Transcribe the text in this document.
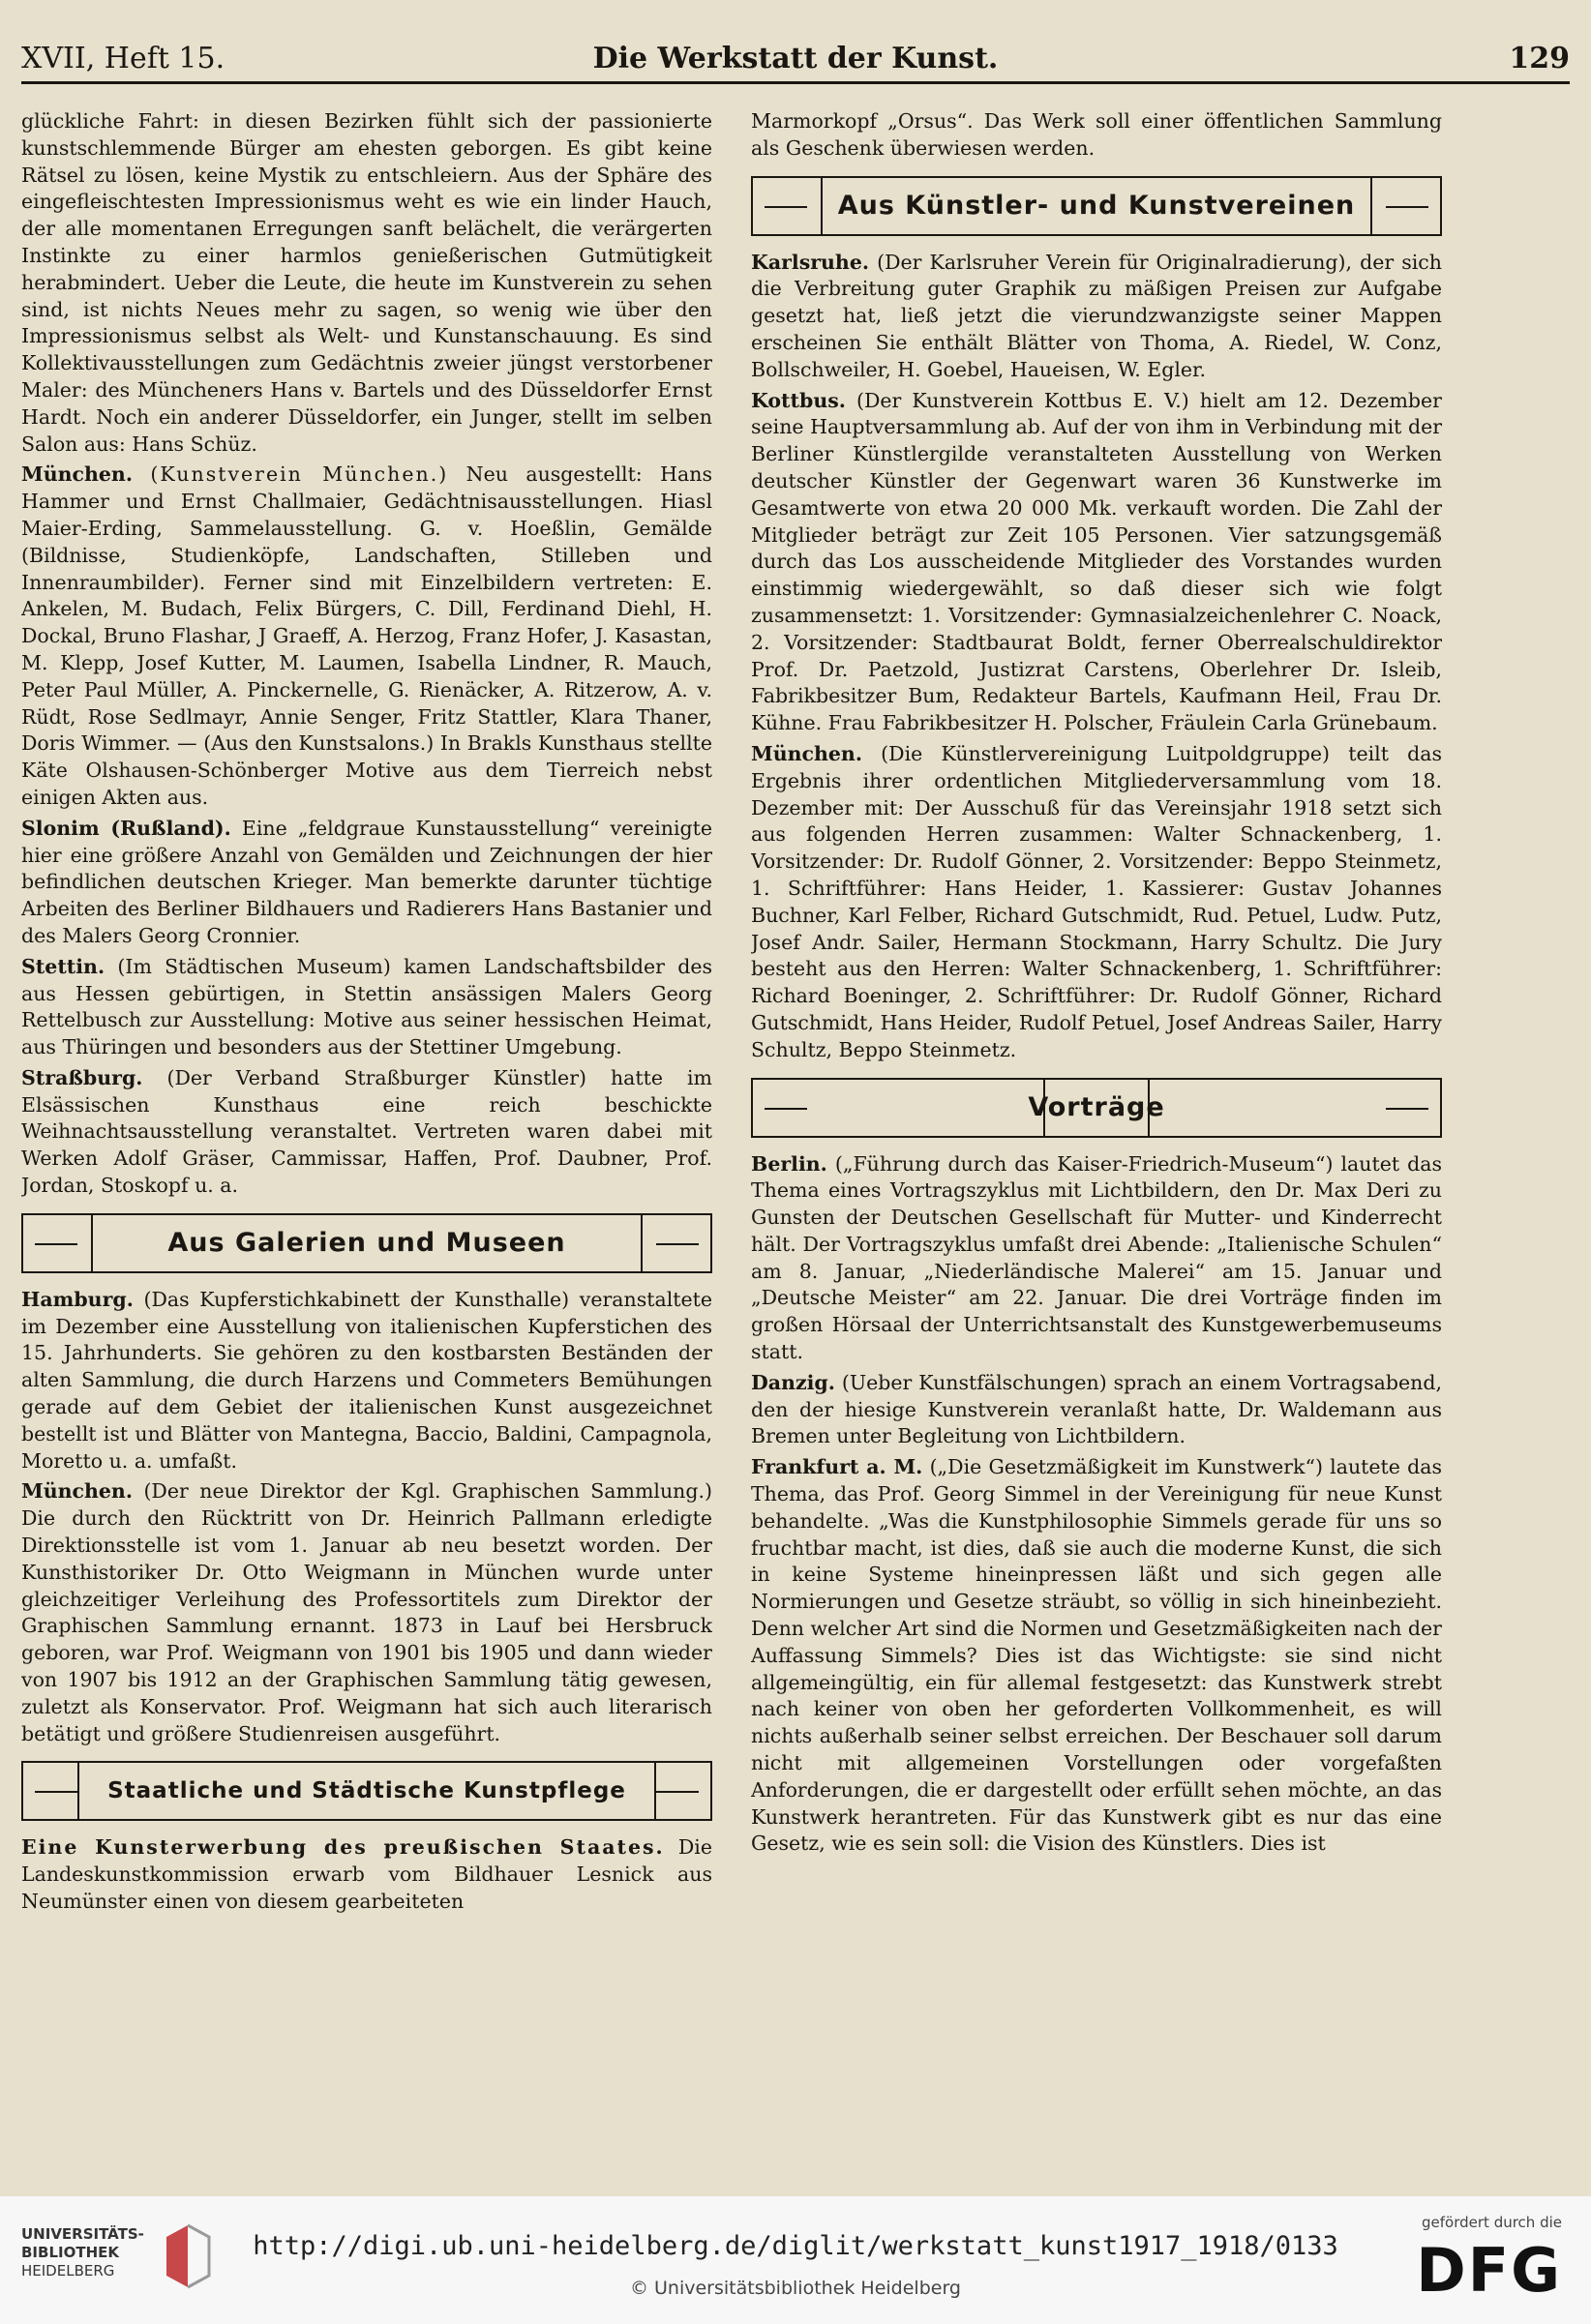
XVII, Heft 15.	Die Werkstatt der Kunst.	129

glückliche Fahrt: in diesen Bezirken fühlt sich der passionierte kunstschlemmende Bürger am ehesten geborgen. Es gibt keine Rätsel zu lösen, keine Mystik zu entschleiern. Aus der Sphäre des eingefleischtesten Impressionismus weht es wie ein linder Hauch, der alle momentanen Erregungen sanft belächelt, die verärgerten Instinkte zu einer harmlos genießerischen Gutmütigkeit herabmindert. Ueber die Leute, die heute im Kunstverein zu sehen sind, ist nichts Neues mehr zu sagen, so wenig wie über den Impressionismus selbst als Welt- und Kunstanschauung. Es sind Kollektivausstellungen zum Gedächtnis zweier jüngst verstorbener Maler: des Müncheners Hans v. Bartels und des Düsseldorfer Ernst Hardt. Noch ein anderer Düsseldorfer, ein Junger, stellt im selben Salon aus: Hans Schüz.

München. (Kunstverein München.) Neu ausgestellt: Hans Hammer und Ernst Challmaier, Gedächtnisausstellungen. Hiasl Maier-Erding, Sammelausstellung. G. v. Hoeßlin, Gemälde (Bildnisse, Studienköpfe, Landschaften, Stilleben und Innenraumbilder). Ferner sind mit Einzelbildern vertreten: E. Ankelen, M. Budach, Felix Bürgers, C. Dill, Ferdinand Diehl, H. Dockal, Bruno Flashar, J Graeff, A. Herzog, Franz Hofer, J. Kasastan, M. Klepp, Josef Kutter, M. Laumen, Isabella Lindner, R. Mauch, Peter Paul Müller, A. Pinckernelle, G. Rienäcker, A. Ritzerow, A. v. Rüdt, Rose Sedlmayr, Annie Senger, Fritz Stattler, Klara Thaner, Doris Wimmer. — (Aus den Kunstsalons.) In Brakls Kunsthaus stellte Käte Olshausen-Schönberger Motive aus dem Tierreich nebst einigen Akten aus.

Slonim (Rußland). Eine „feldgraue Kunstausstellung“ vereinigte hier eine größere Anzahl von Gemälden und Zeichnungen der hier befindlichen deutschen Krieger. Man bemerkte darunter tüchtige Arbeiten des Berliner Bildhauers und Radierers Hans Bastanier und des Malers Georg Cronnier.

Stettin. (Im Städtischen Museum) kamen Landschaftsbilder des aus Hessen gebürtigen, in Stettin ansässigen Malers Georg Rettelbusch zur Ausstellung: Motive aus seiner hessischen Heimat, aus Thüringen und besonders aus der Stettiner Umgebung.

Straßburg. (Der Verband Straßburger Künstler) hatte im Elsässischen Kunsthaus eine reich beschickte Weihnachtsausstellung veranstaltet. Vertreten waren dabei mit Werken Adolf Gräser, Cammissar, Haffen, Prof. Daubner, Prof. Jordan, Stoskopf u. a.

Aus Galerien und Museen

Hamburg. (Das Kupferstichkabinett der Kunsthalle) veranstaltete im Dezember eine Ausstellung von italienischen Kupferstichen des 15. Jahrhunderts. Sie gehören zu den kostbarsten Beständen der alten Sammlung, die durch Harzens und Commeters Bemühungen gerade auf dem Gebiet der italienischen Kunst ausgezeichnet bestellt ist und Blätter von Mantegna, Baccio, Baldini, Campagnola, Moretto u. a. umfaßt.

München. (Der neue Direktor der Kgl. Graphischen Sammlung.) Die durch den Rücktritt von Dr. Heinrich Pallmann erledigte Direktionsstelle ist vom 1. Januar ab neu besetzt worden. Der Kunsthistoriker Dr. Otto Weigmann in München wurde unter gleichzeitiger Verleihung des Professortitels zum Direktor der Graphischen Sammlung ernannt. 1873 in Lauf bei Hersbruck geboren, war Prof. Weigmann von 1901 bis 1905 und dann wieder von 1907 bis 1912 an der Graphischen Sammlung tätig gewesen, zuletzt als Konservator. Prof. Weigmann hat sich auch literarisch betätigt und größere Studienreisen ausgeführt.

Staatliche und Städtische Kunstpflege

Eine Kunsterwerbung des preußischen Staates. Die Landeskunstkommission erwarb vom Bildhauer Lesnick aus Neumünster einen von diesem gearbeiteten

Marmorkopf „Orsus“. Das Werk soll einer öffentlichen Sammlung als Geschenk überwiesen werden.

Aus Künstler- und Kunstvereinen

Karlsruhe. (Der Karlsruher Verein für Originalradierung), der sich die Verbreitung guter Graphik zu mäßigen Preisen zur Aufgabe gesetzt hat, ließ jetzt die vierundzwanzigste seiner Mappen erscheinen Sie enthält Blätter von Thoma, A. Riedel, W. Conz, Bollschweiler, H. Goebel, Haueisen, W. Egler.

Kottbus. (Der Kunstverein Kottbus E. V.) hielt am 12. Dezember seine Hauptversammlung ab. Auf der von ihm in Verbindung mit der Berliner Künstlergilde veranstalteten Ausstellung von Werken deutscher Künstler der Gegenwart waren 36 Kunstwerke im Gesamtwerte von etwa 20 000 Mk. verkauft worden. Die Zahl der Mitglieder beträgt zur Zeit 105 Personen. Vier satzungsgemäß durch das Los ausscheidende Mitglieder des Vorstandes wurden einstimmig wiedergewählt, so daß dieser sich wie folgt zusammensetzt: 1. Vorsitzender: Gymnasialzeichenlehrer C. Noack, 2. Vorsitzender: Stadtbaurat Boldt, ferner Oberrealschuldirektor Prof. Dr. Paetzold, Justizrat Carstens, Oberlehrer Dr. Isleib, Fabrikbesitzer Bum, Redakteur Bartels, Kaufmann Heil, Frau Dr. Kühne. Frau Fabrikbesitzer H. Polscher, Fräulein Carla Grünebaum.

München. (Die Künstlervereinigung Luitpoldgruppe) teilt das Ergebnis ihrer ordentlichen Mitgliederversammlung vom 18. Dezember mit: Der Ausschuß für das Vereinsjahr 1918 setzt sich aus folgenden Herren zusammen: Walter Schnackenberg, 1. Vorsitzender: Dr. Rudolf Gönner, 2. Vorsitzender: Beppo Steinmetz, 1. Schriftführer: Hans Heider, 1. Kassierer: Gustav Johannes Buchner, Karl Felber, Richard Gutschmidt, Rud. Petuel, Ludw. Putz, Josef Andr. Sailer, Hermann Stockmann, Harry Schultz. Die Jury besteht aus den Herren: Walter Schnackenberg, 1. Schriftführer: Richard Boeninger, 2. Schriftführer: Dr. Rudolf Gönner, Richard Gutschmidt, Hans Heider, Rudolf Petuel, Josef Andreas Sailer, Harry Schultz, Beppo Steinmetz.

Vorträge

Berlin. („Führung durch das Kaiser-Friedrich-Museum“) lautet das Thema eines Vortragszyklus mit Lichtbildern, den Dr. Max Deri zu Gunsten der Deutschen Gesellschaft für Mutter- und Kinderrecht hält. Der Vortragszyklus umfaßt drei Abende: „Italienische Schulen“ am 8. Januar, „Niederländische Malerei“ am 15. Januar und „Deutsche Meister“ am 22. Januar. Die drei Vorträge finden im großen Hörsaal der Unterrichtsanstalt des Kunstgewerbemuseums statt.

Danzig. (Ueber Kunstfälschungen) sprach an einem Vortragsabend, den der hiesige Kunstverein veranlaßt hatte, Dr. Waldemann aus Bremen unter Begleitung von Lichtbildern.

Frankfurt a. M. („Die Gesetzmäßigkeit im Kunstwerk“) lautete das Thema, das Prof. Georg Simmel in der Vereinigung für neue Kunst behandelte. „Was die Kunstphilosophie Simmels gerade für uns so fruchtbar macht, ist dies, daß sie auch die moderne Kunst, die sich in keine Systeme hineinpressen läßt und sich gegen alle Normierungen und Gesetze sträubt, so völlig in sich hineinbezieht. Denn welcher Art sind die Normen und Gesetzmäßigkeiten nach der Auffassung Simmels? Dies ist das Wichtigste: sie sind nicht allgemeingültig, ein für allemal festgesetzt: das Kunstwerk strebt nach keiner von oben her geforderten Vollkommenheit, es will nichts außerhalb seiner selbst erreichen. Der Beschauer soll darum nicht mit allgemeinen Vorstellungen oder vorgefaßten Anforderungen, die er dargestellt oder erfüllt sehen möchte, an das Kunstwerk herantreten. Für das Kunstwerk gibt es nur das eine Gesetz, wie es sein soll: die Vision des Künstlers. Dies ist

UNIVERSITÄTS-
BIBLIOTHEK
HEIDELBERG
http://digi.ub.uni-heidelberg.de/diglit/werkstatt_kunst1917_1918/0133
© Universitätsbibliothek Heidelberg
gefördert durch die
DFG
